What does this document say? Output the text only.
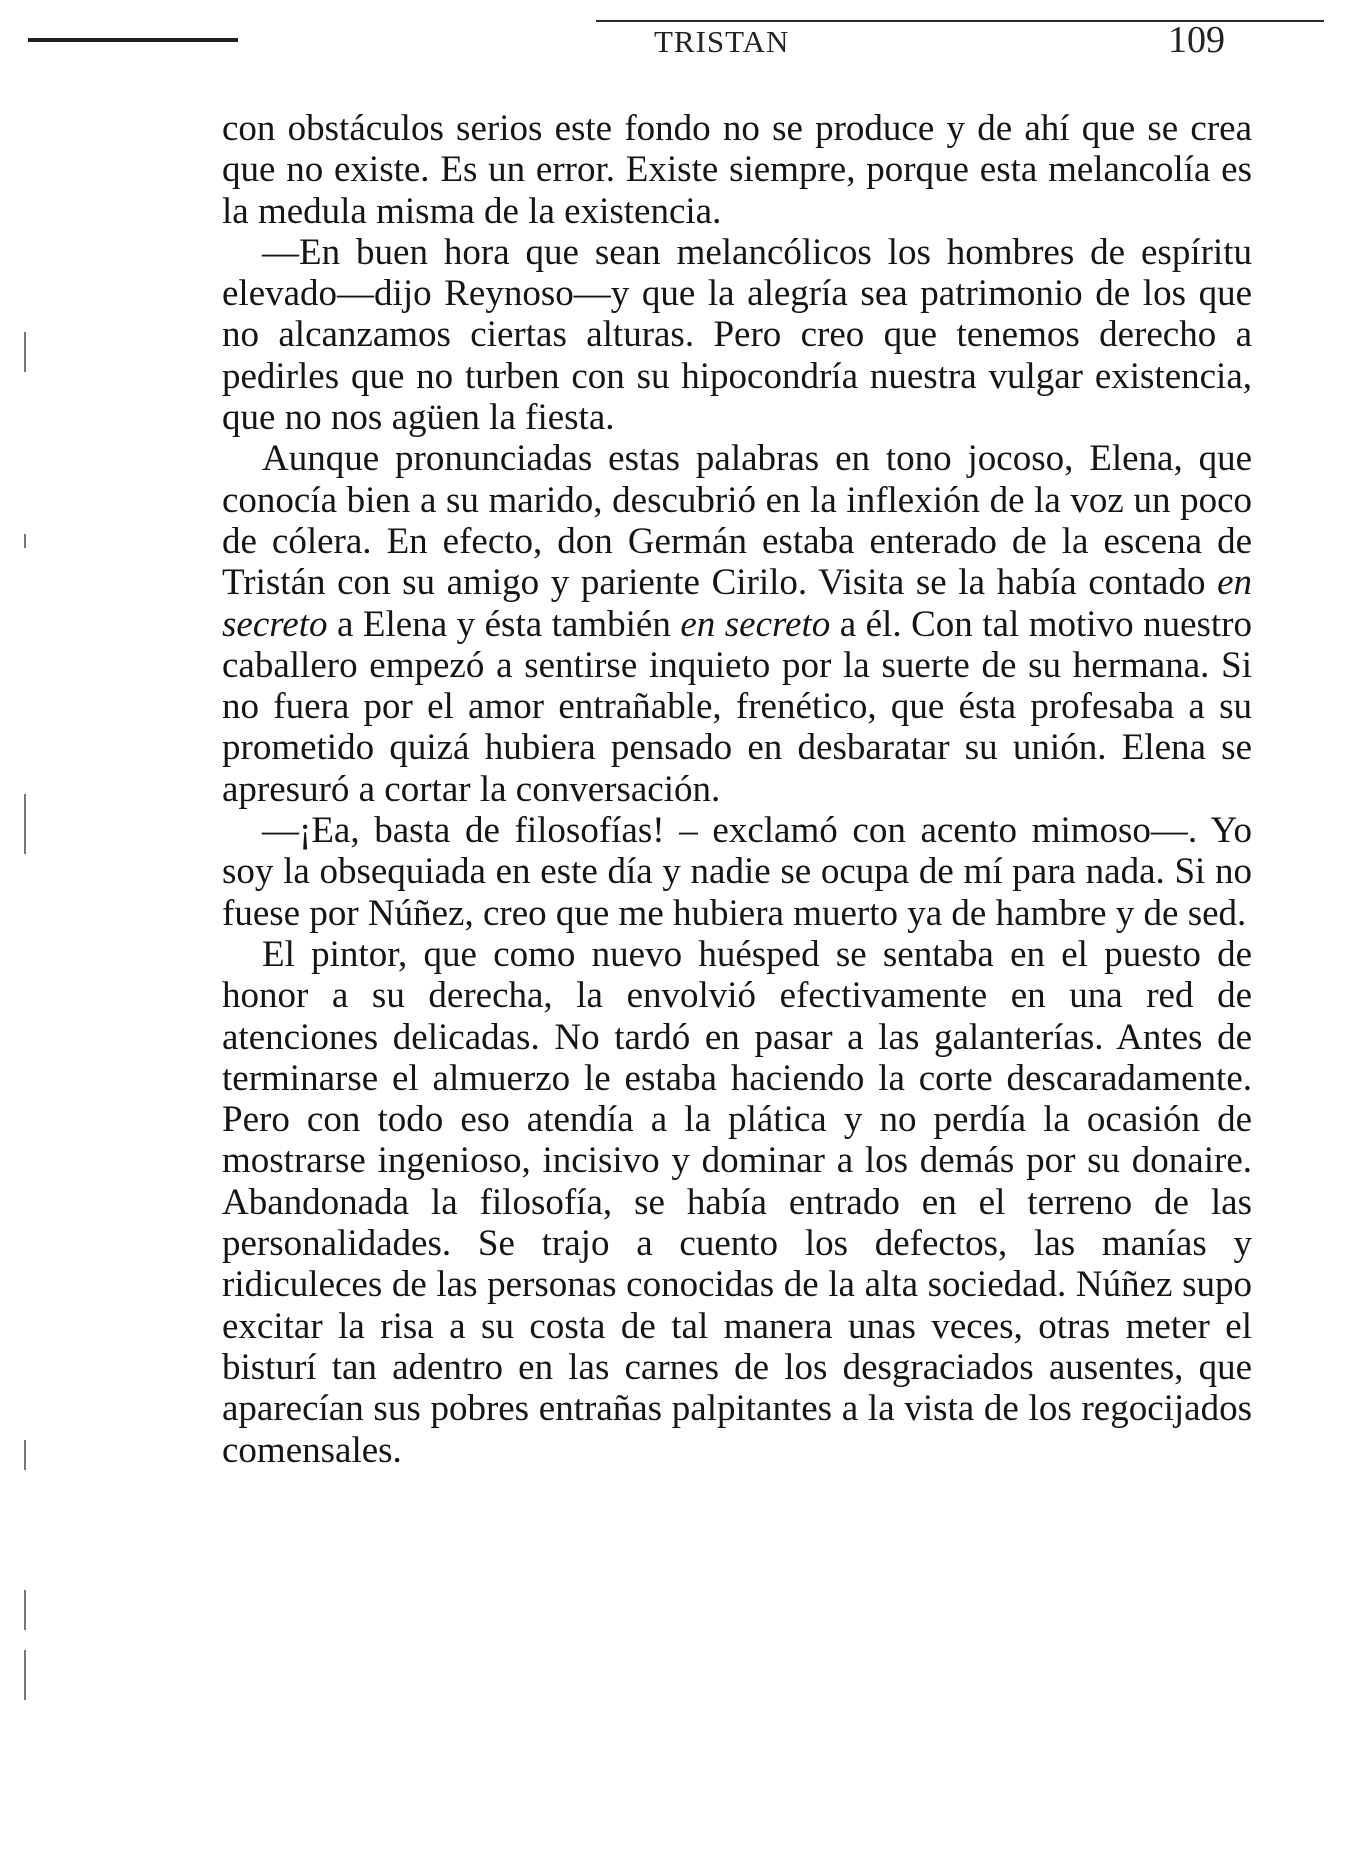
TRISTAN	109

con obstáculos serios este fondo no se produce y de ahí que se crea que no existe. Es un error. Existe siempre, porque esta melancolía es la medula misma de la existencia.

—En buen hora que sean melancólicos los hombres de espíritu elevado—dijo Reynoso—y que la alegría sea patrimonio de los que no alcanzamos ciertas alturas. Pero creo que tenemos derecho a pedirles que no turben con su hipocondría nuestra vulgar existencia, que no nos agüen la fiesta.

Aunque pronunciadas estas palabras en tono jocoso, Elena, que conocía bien a su marido, descubrió en la inflexión de la voz un poco de cólera. En efecto, don Germán estaba enterado de la escena de Tristán con su amigo y pariente Cirilo. Visita se la había contado en secreto a Elena y ésta también en secreto a él. Con tal motivo nuestro caballero empezó a sentirse inquieto por la suerte de su hermana. Si no fuera por el amor entrañable, frenético, que ésta profesaba a su prometido quizá hubiera pensado en desbaratar su unión. Elena se apresuró a cortar la conversación.

—¡Ea, basta de filosofías! – exclamó con acento mimoso—. Yo soy la obsequiada en este día y nadie se ocupa de mí para nada. Si no fuese por Núñez, creo que me hubiera muerto ya de hambre y de sed.

El pintor, que como nuevo huésped se sentaba en el puesto de honor a su derecha, la envolvió efectivamente en una red de atenciones delicadas. No tardó en pasar a las galanterías. Antes de terminarse el almuerzo le estaba haciendo la corte descaradamente. Pero con todo eso atendía a la plática y no perdía la ocasión de mostrarse ingenioso, incisivo y dominar a los demás por su donaire. Abandonada la filosofía, se había entrado en el terreno de las personalidades. Se trajo a cuento los defectos, las manías y ridiculeces de las personas conocidas de la alta sociedad. Núñez supo excitar la risa a su costa de tal manera unas veces, otras meter el bisturí tan adentro en las carnes de los desgraciados ausentes, que aparecían sus pobres entrañas palpitantes a la vista de los regocijados comensales.
